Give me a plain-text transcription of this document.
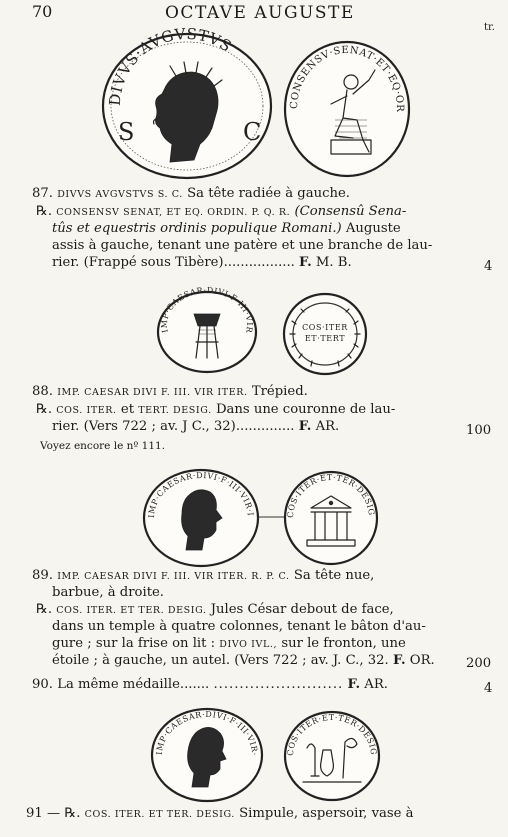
70	OCTAVE AUGUSTE
tr.
DIVVS·AVGVSTVS
S	C
CONSENSV·SENAT·ET·EQ·ORDIN·P·Q·R
87. DIVVS AVGVSTVS S. C. Sa tête radiée à gauche.
℞. CONSENSV SENAT, ET EQ. ORDIN. P. Q. R. (Consensû Sena-
tûs et equestris ordinis populique Romani.) Auguste
assis à gauche, tenant une patère et une branche de lau-
rier. (Frappé sous Tibère)................. F. M. B.	4
IMP·CAESAR·DIVI·F·III·VIR·ITER
COS·ITER
ET·TERT
88. IMP. CAESAR DIVI F. III. VIR ITER. Trépied.
℞. COS. ITER. et TERT. DESIG. Dans une couronne de lau-
rier. (Vers 722 ; av. J C., 32).............. F. AR.	100
Voyez encore le nº 111.
IMP·CAESAR·DIVI·F·III·VIR·ITER·R·P·C
COS·ITER·ET·TER·DESIG
89. IMP. CAESAR DIVI F. III. VIR ITER. R. P. C. Sa tête nue,
barbue, à droite.
℞. COS. ITER. ET TER. DESIG. Jules César debout de face,
dans un temple à quatre colonnes, tenant le bâton d'au-
gure ; sur la frise on lit : DIVO IVL., sur le fronton, une
étoile ; à gauche, un autel. (Vers 722 ; av. J. C., 32. F. OR. 200
90. La même médaille....... ......................... F. AR.	4
IMP·CAESAR·DIVI·F·III·VIR·ITER
COS·ITER·ET·TER·DESIG
91 — ℞. COS. ITER. ET TER. DESIG. Simpule, aspersoir, vase à
